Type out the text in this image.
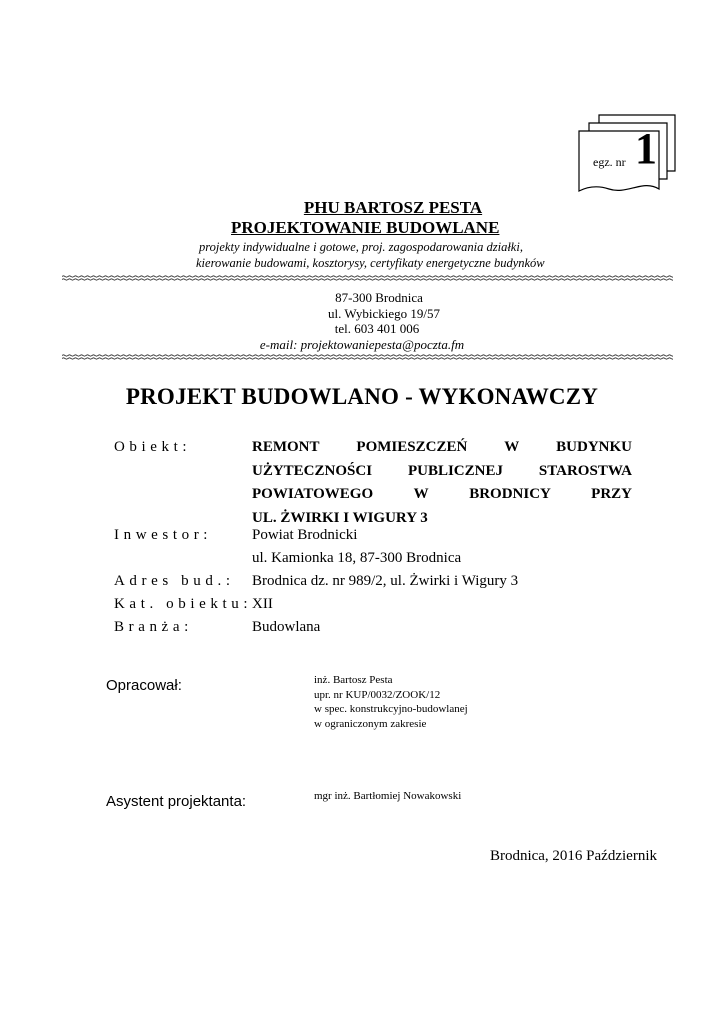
egz. nr 1
PHU BARTOSZ PESTA
PROJEKTOWANIE BUDOWLANE
projekty indywidualne i gotowe, proj. zagospodarowania działki,
kierowanie budowami, kosztorysy, certyfikaty energetyczne budynków
87-300 Brodnica
ul. Wybickiego 19/57
tel. 603 401 006
e-mail: projektowaniepesta@poczta.fm
PROJEKT BUDOWLANO - WYKONAWCZY
Obiekt:	REMONT POMIESZCZEŃ W BUDYNKU
UŻYTECZNOŚCI PUBLICZNEJ STAROSTWA
POWIATOWEGO W BRODNICY PRZY
UL. ŻWIRKI I WIGURY 3
Inwestor:	Powiat Brodnicki
ul. Kamionka 18, 87-300 Brodnica
Adres bud.: Brodnica dz. nr 989/2, ul. Żwirki i Wigury 3
Kat. obiektu: XII
Branża:	Budowlana
Opracował:	inż. Bartosz Pesta
upr. nr KUP/0032/ZOOK/12
w spec. konstrukcyjno-budowlanej
w ograniczonym zakresie
Asystent projektanta:	mgr inż. Bartłomiej Nowakowski
Brodnica, 2016 Październik
